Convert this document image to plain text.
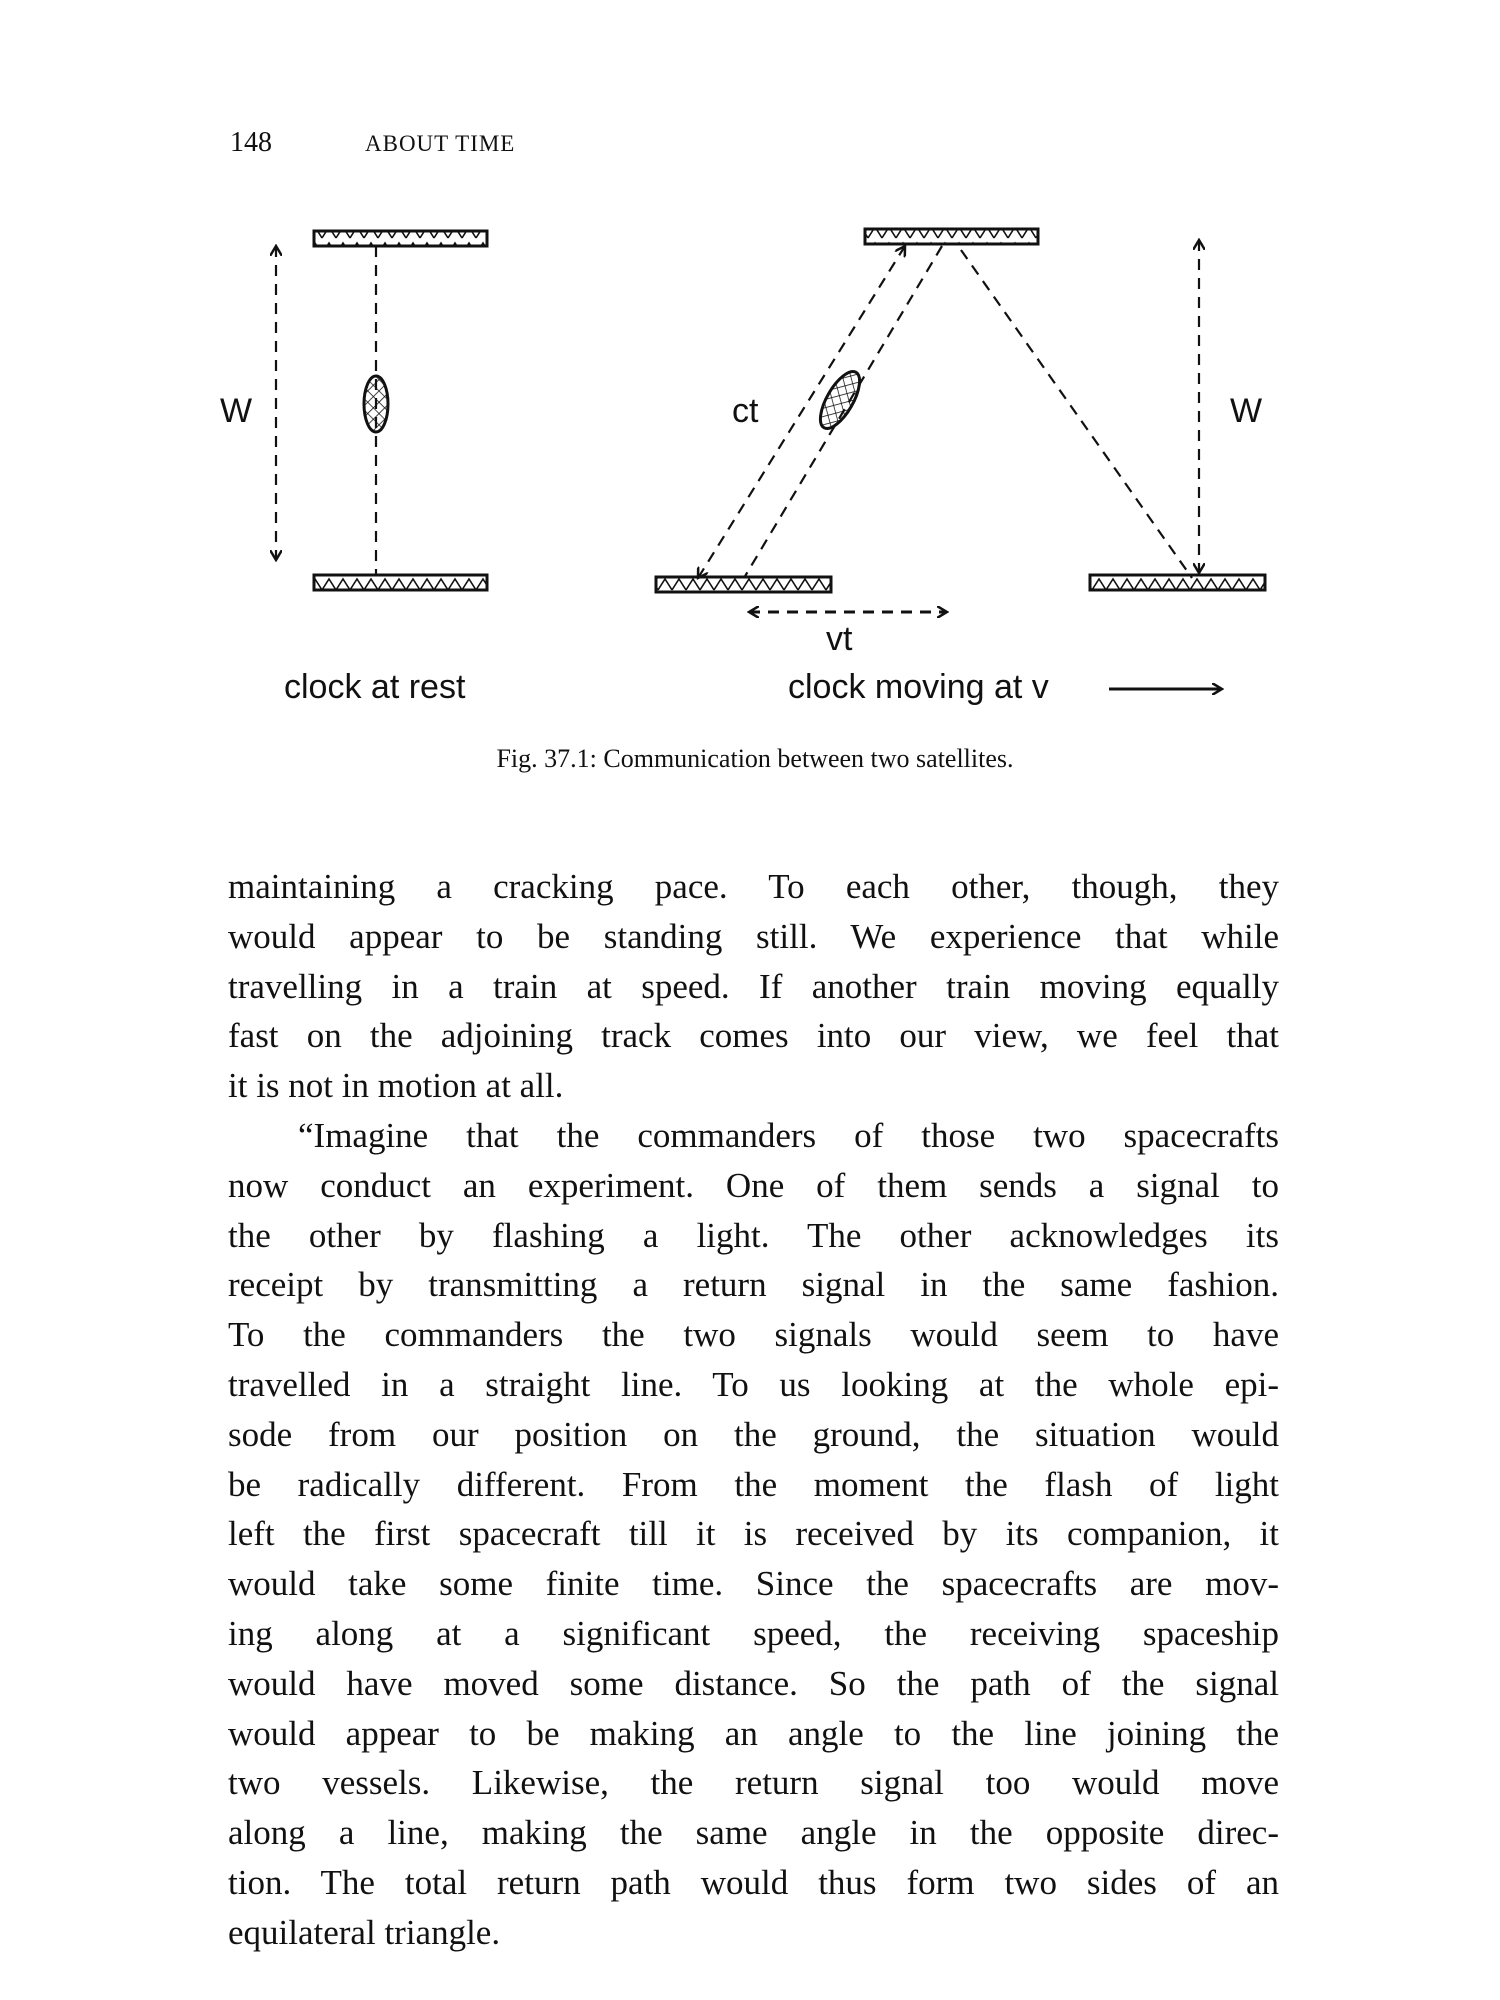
148	ABOUT TIME
W	W
ct
vt
clock at rest	clock moving at v
Fig. 37.1: Communication between two satellites.
maintaining a cracking pace. To each other, though, they
would appear to be standing still. We experience that while
travelling in a train at speed. If another train moving equally
fast on the adjoining track comes into our view, we feel that
it is not in motion at all.
“Imagine that the commanders of those two spacecrafts
now conduct an experiment. One of them sends a signal to
the other by flashing a light. The other acknowledges its
receipt by transmitting a return signal in the same fashion.
To the commanders the two signals would seem to have
travelled in a straight line. To us looking at the whole epi-
sode from our position on the ground, the situation would
be radically different. From the moment the flash of light
left the first spacecraft till it is received by its companion, it
would take some finite time. Since the spacecrafts are mov-
ing along at a significant speed, the receiving spaceship
would have moved some distance. So the path of the signal
would appear to be making an angle to the line joining the
two vessels. Likewise, the return signal too would move
along a line, making the same angle in the opposite direc-
tion. The total return path would thus form two sides of an
equilateral triangle.
